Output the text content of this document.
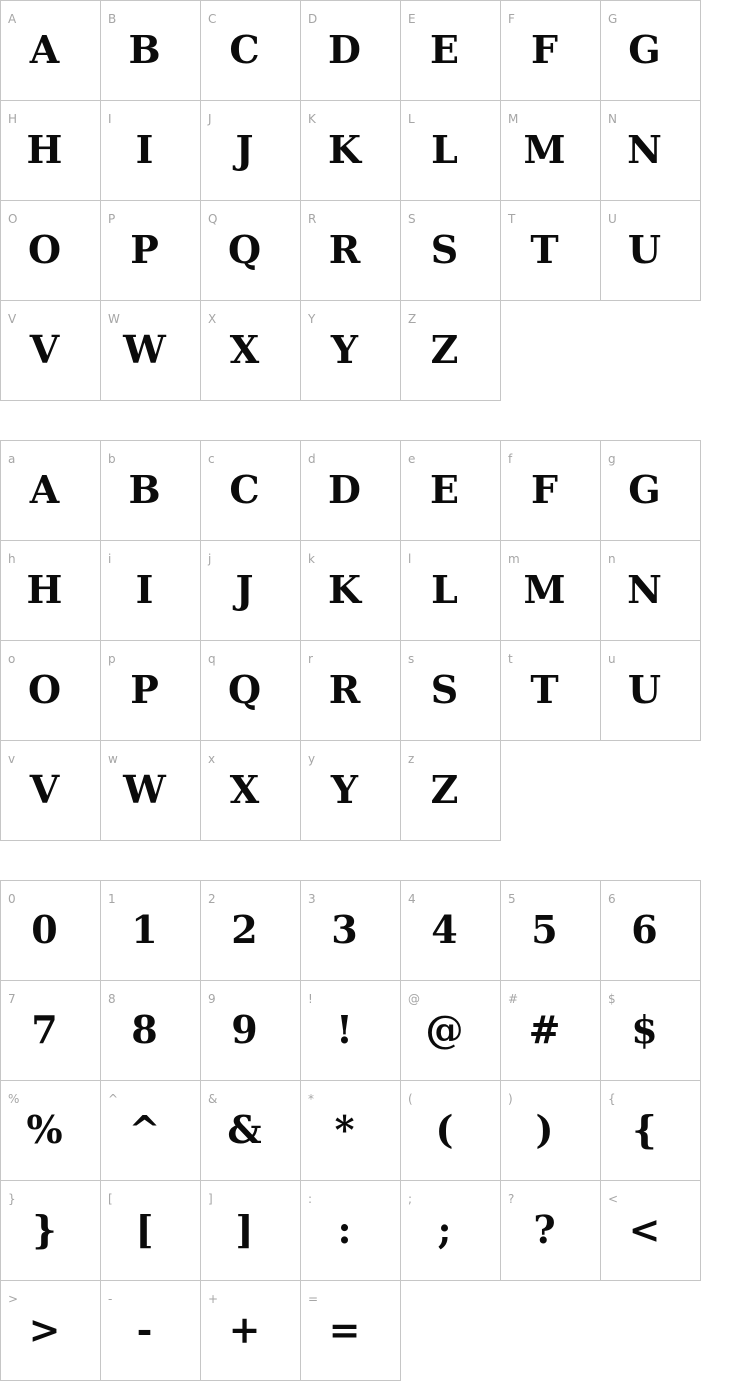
A
A
B
B
C
C
D
D
E
E
F
F
G
G
H
H
I
I
J
J
K
K
L
L
M
M
N
N
O
O
P
P
Q
Q
R
R
S
S
T
T
U
U
V
V
W
W
X
X
Y
Y
Z
Z
a
A
b
B
c
C
d
D
e
E
f
F
g
G
h
H
i
I
j
J
k
K
l
L
m
M
n
N
o
O
p
P
q
Q
r
R
s
S
t
T
u
U
v
V
w
W
x
X
y
Y
z
Z
0
0
1
1
2
2
3
3
4
4
5
5
6
6
7
7
8
8
9
9
!
!
@
@
#
#
$
$
%
%
^
^
&
&
*
*
(
(
)
)
{
{
}
}
[
[
]
]
:
:
;
;
?
?
<
<
>
>
-
-
+
+
=
=
